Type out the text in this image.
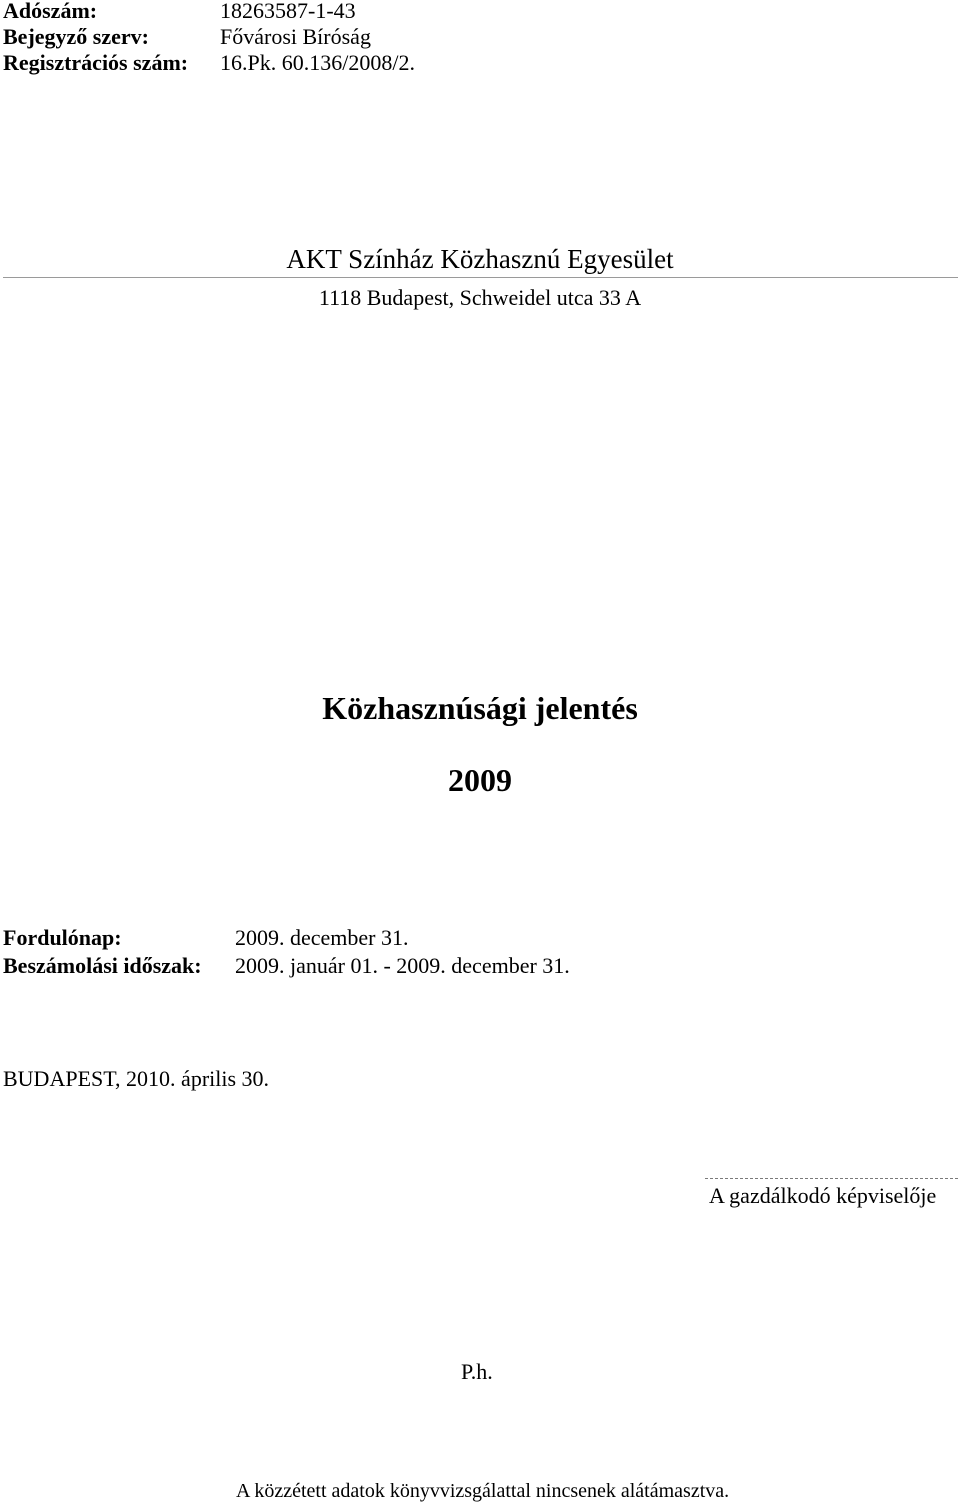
Adószám:	18263587-1-43
Bejegyző szerv:	Fővárosi Bíróság
Regisztrációs szám: 16.Pk. 60.136/2008/2.
AKT Színház Közhasznú Egyesület
1118 Budapest, Schweidel utca 33 A
Közhasznúsági jelentés
2009
Fordulónap:	2009. december 31.
Beszámolási időszak: 2009. január 01. - 2009. december 31.
BUDAPEST, 2010. április 30.
A gazdálkodó képviselője
P.h.
A közzétett adatok könyvvizsgálattal nincsenek alátámasztva.
